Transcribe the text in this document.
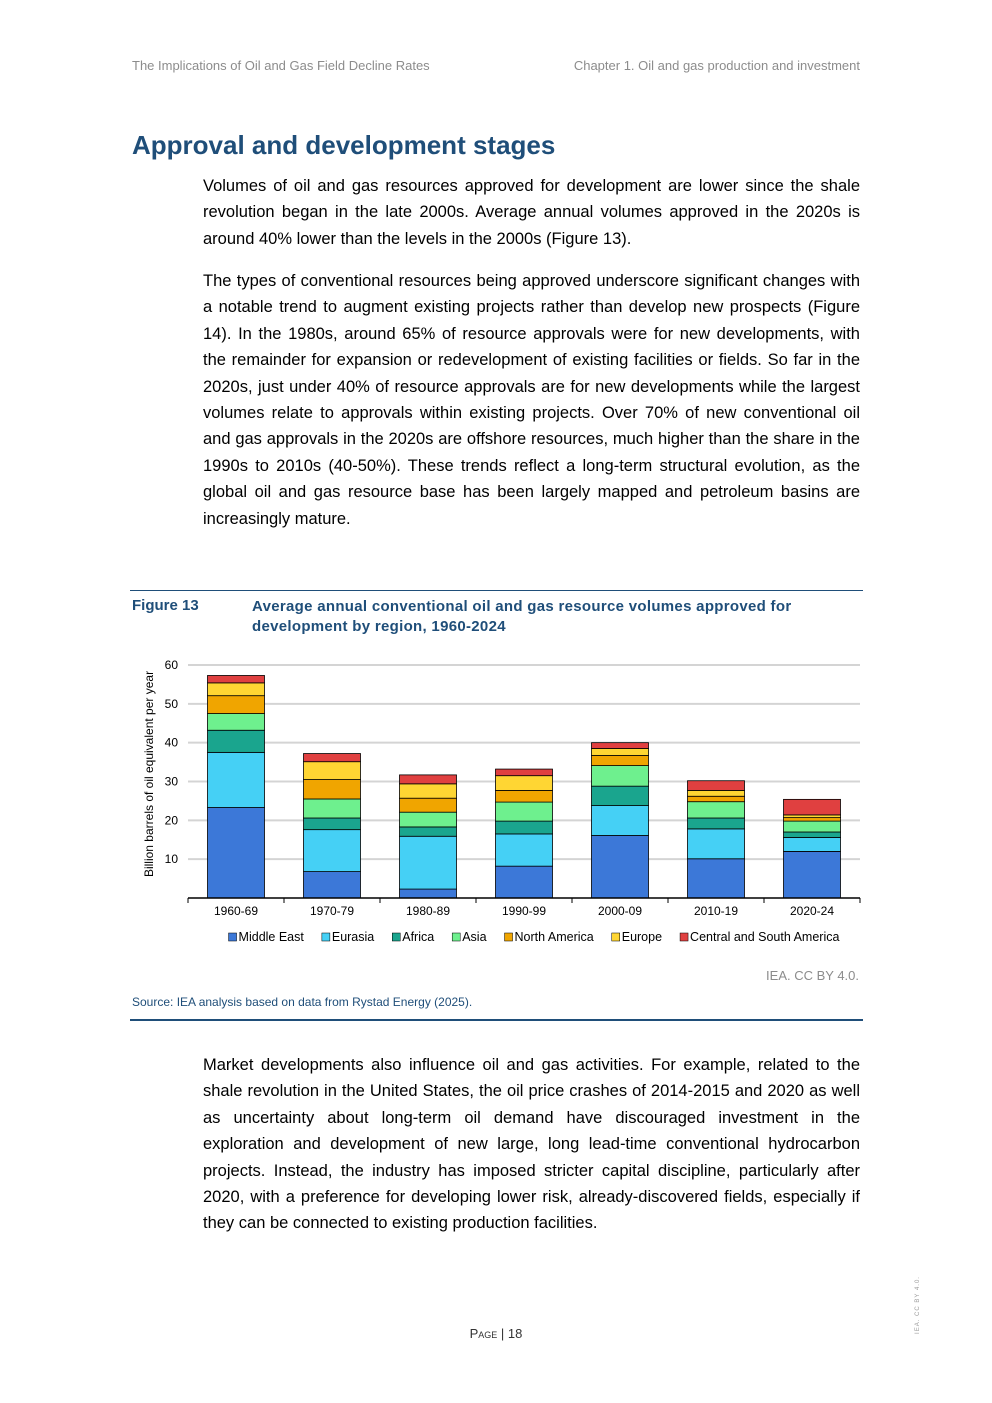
The Implications of Oil and Gas Field Decline Rates	Chapter 1. Oil and gas production and investment
Approval and development stages

Volumes of oil and gas resources approved for development are lower since the shale revolution began in the late 2000s. Average annual volumes approved in the 2020s is around 40% lower than the levels in the 2000s (Figure 13).

The types of conventional resources being approved underscore significant changes with a notable trend to augment existing projects rather than develop new prospects (Figure 14). In the 1980s, around 65% of resource approvals were for new developments, with the remainder for expansion or redevelopment of existing facilities or fields. So far in the 2020s, just under 40% of resource approvals are for new developments while the largest volumes relate to approvals within existing projects. Over 70% of new conventional oil and gas approvals in the 2020s are offshore resources, much higher than the share in the 1990s to 2010s (40-50%). These trends reflect a long-term structural evolution, as the global oil and gas resource base has been largely mapped and petroleum basins are increasingly mature.

Figure 13	Average annual conventional oil and gas resource volumes approved for development by region, 1960-2024
10
20
30
40
50
60
1960-69	1970-79	1980-89	1990-99	2000-09	2010-19	2020-24
Billion barrels of oil equivalent per year
Middle East Eurasia Africa Asia North America Europe Central and South America
IEA. CC BY 4.0.
Source: IEA analysis based on data from Rystad Energy (2025).

Market developments also influence oil and gas activities. For example, related to the shale revolution in the United States, the oil price crashes of 2014-2015 and 2020 as well as uncertainty about long-term oil demand have discouraged investment in the exploration and development of new large, long lead-time conventional hydrocarbon projects. Instead, the industry has imposed stricter capital discipline, particularly after 2020, with a preference for developing lower risk, already-discovered fields, especially if they can be connected to existing production facilities.

Page | 18	IEA. CC BY 4.0.
